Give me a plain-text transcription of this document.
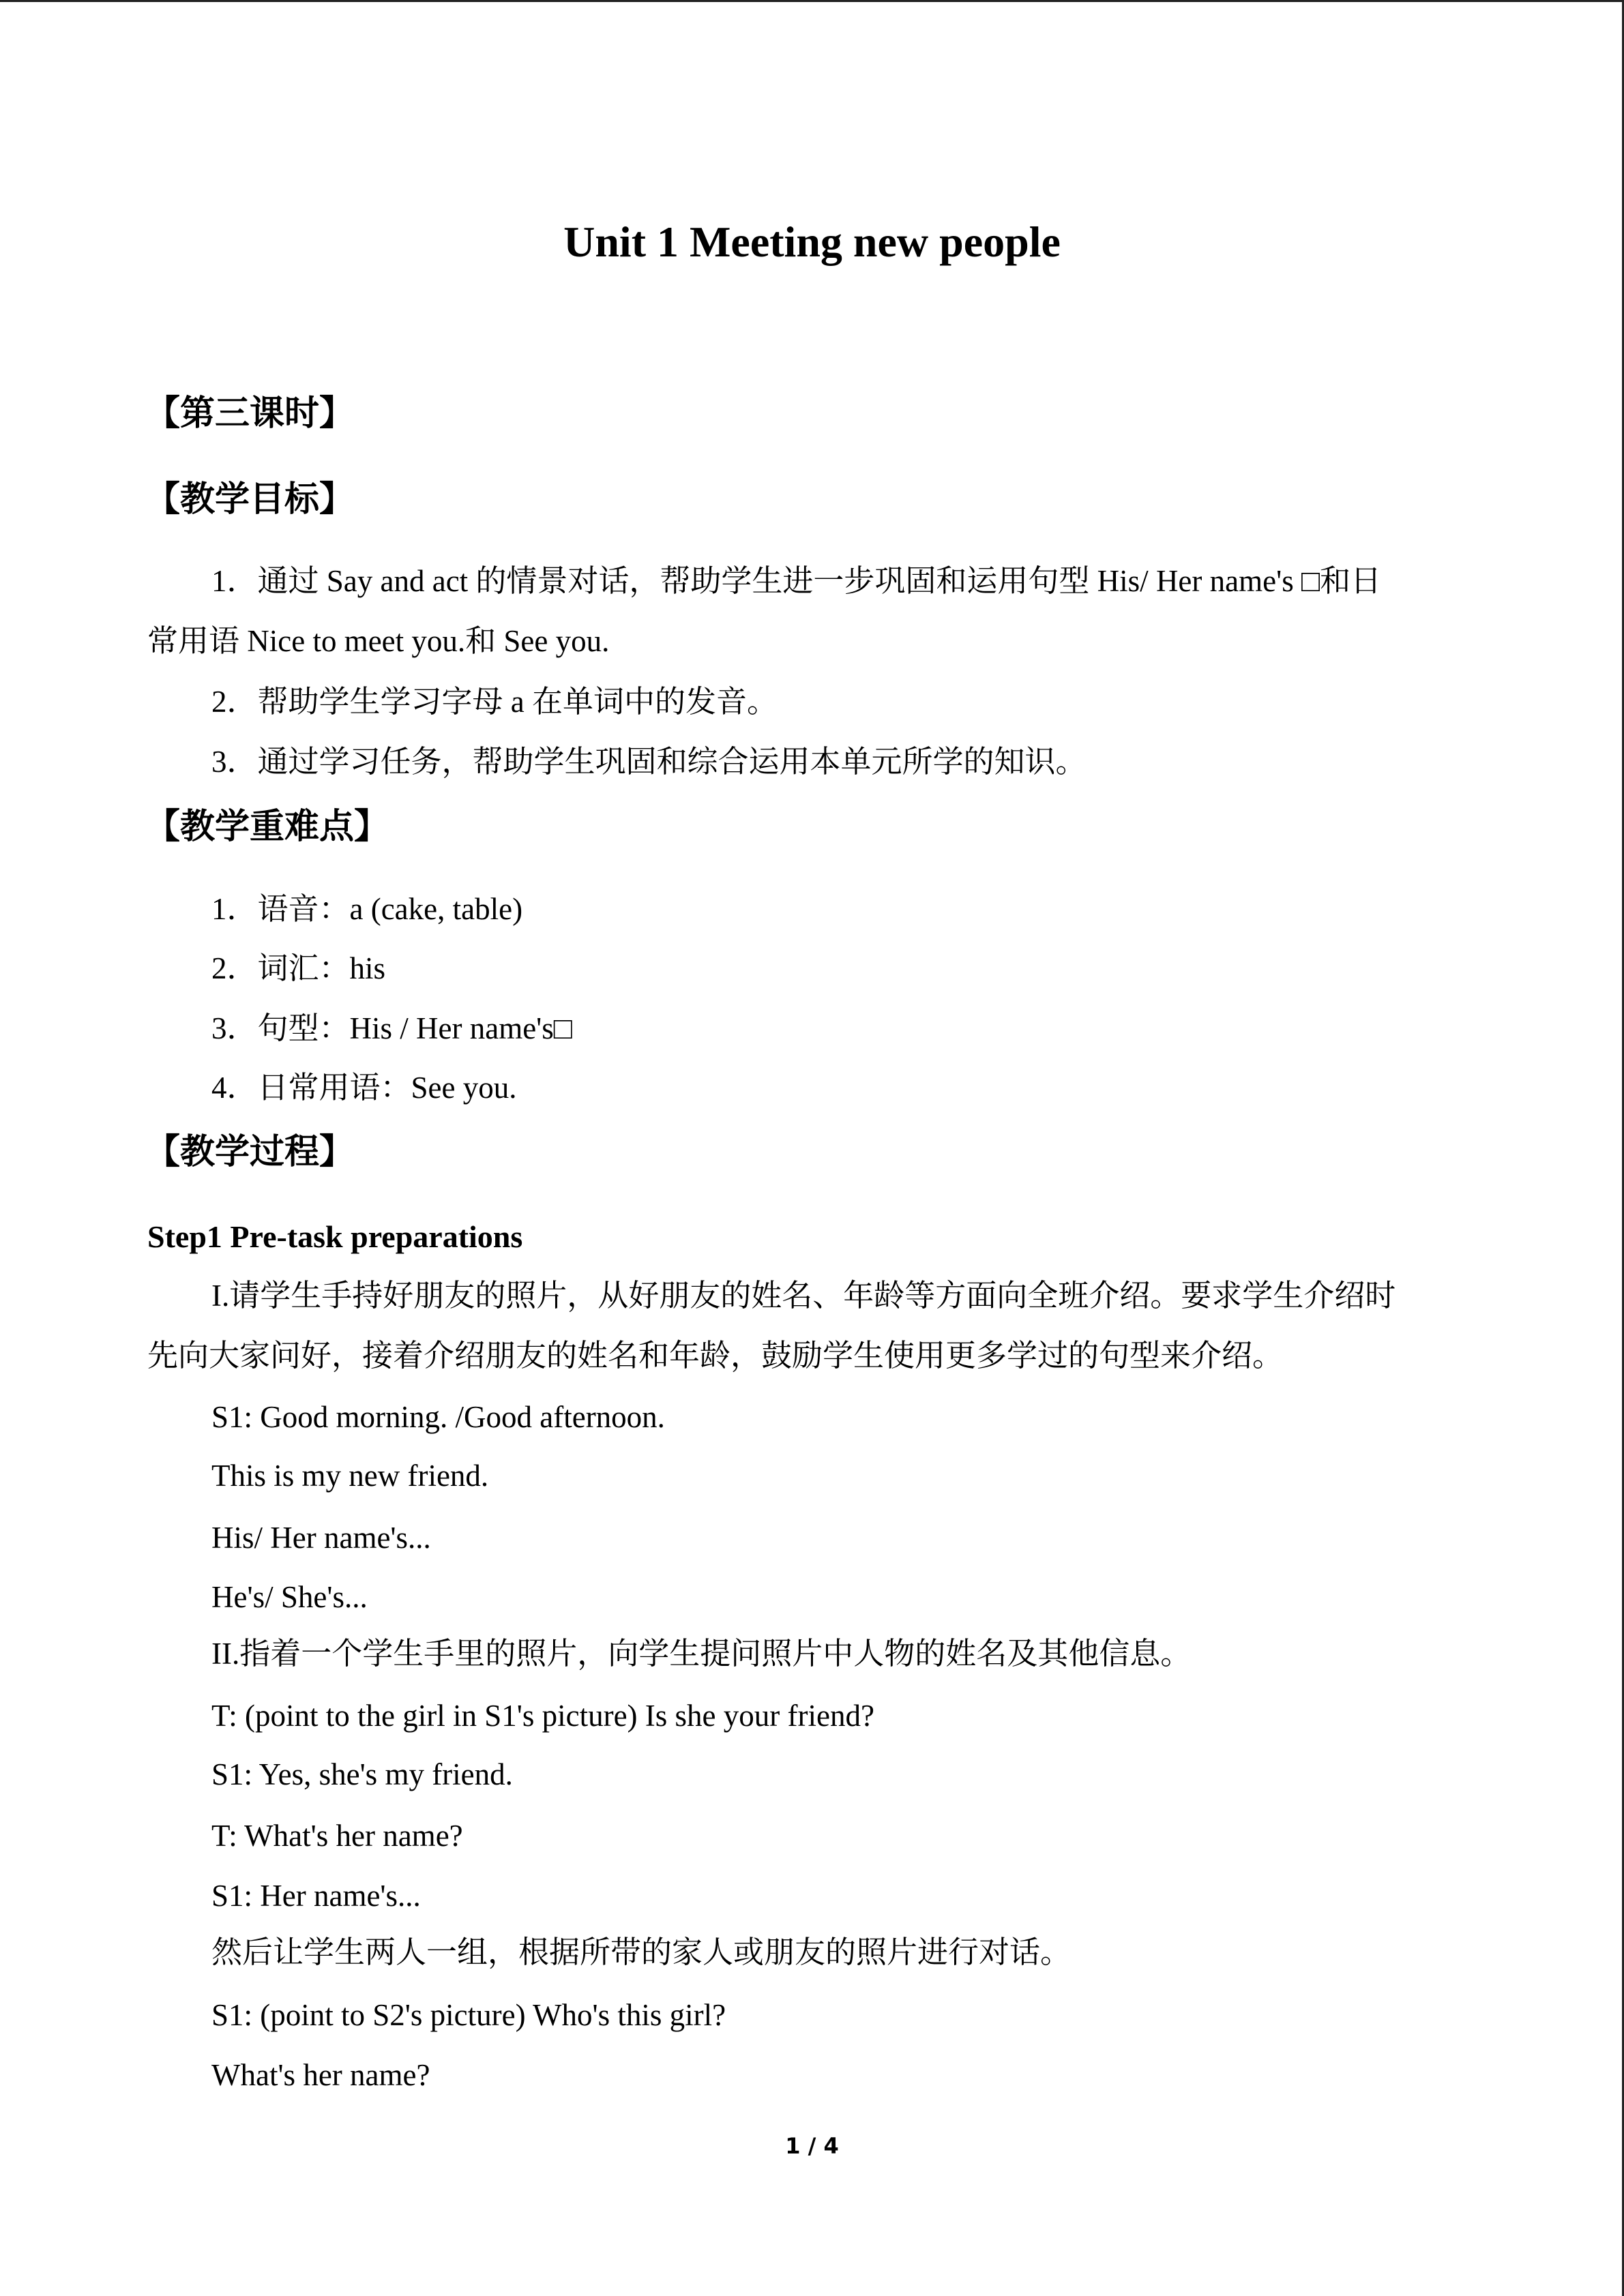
Unit 1 Meeting new people
【第三课时】
【教学目标】
1．通过 Say and act 的情景对话，帮助学生进一步巩固和运用句型 His/ Her name's □和日
常用语 Nice to meet you.和 See you.
2．帮助学生学习字母 a 在单词中的发音。
3．通过学习任务，帮助学生巩固和综合运用本单元所学的知识。
【教学重难点】
1．语音：a (cake, table)
2．词汇：his
3．句型：His / Her name's□
4．日常用语：See you.
【教学过程】
Step1 Pre-task preparations
I.请学生手持好朋友的照片，从好朋友的姓名、年龄等方面向全班介绍。要求学生介绍时
先向大家问好，接着介绍朋友的姓名和年龄，鼓励学生使用更多学过的句型来介绍。
S1: Good morning. /Good afternoon.
This is my new friend.
His/ Her name's...
He's/ She's...
II.指着一个学生手里的照片，向学生提问照片中人物的姓名及其他信息。
T: (point to the girl in S1's picture) Is she your friend?
S1: Yes, she's my friend.
T: What's her name?
S1: Her name's...
然后让学生两人一组，根据所带的家人或朋友的照片进行对话。
S1: (point to S2's picture) Who's this girl?
What's her name?
1 / 4
